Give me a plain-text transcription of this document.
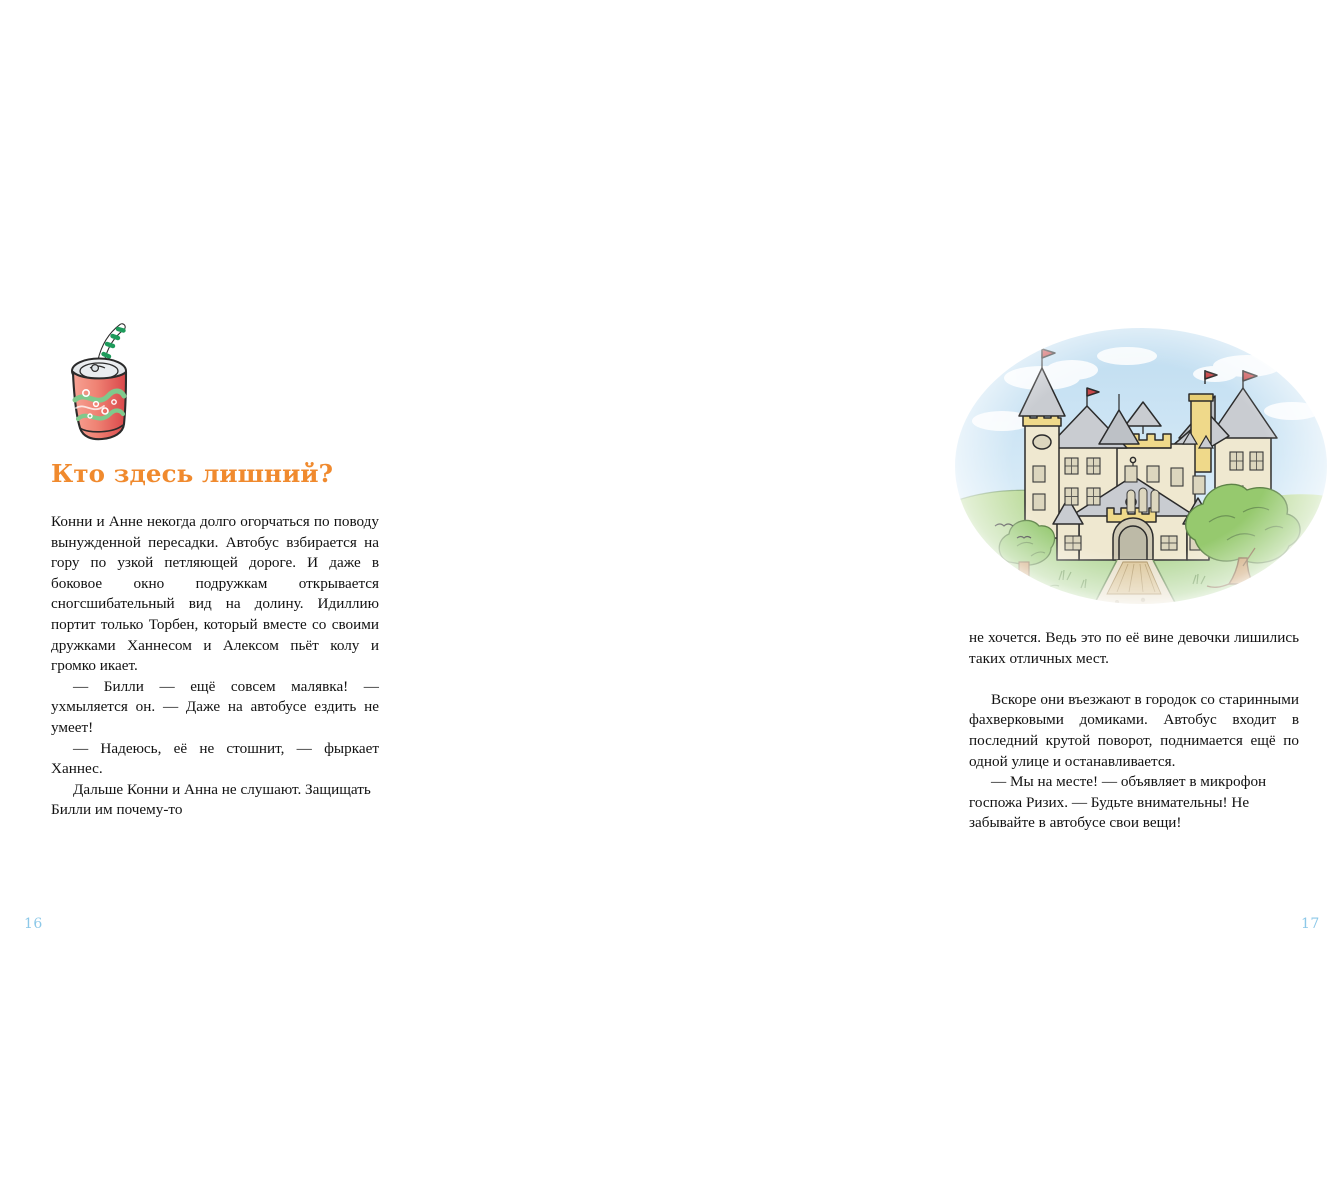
Кто здесь лишний?

Конни и Анне некогда долго огорчаться по поводу вынужденной пересадки. Автобус взбирается на гору по узкой петляющей дороге. И даже в боковое окно подружкам открывается сногсшибательный вид на долину. Идиллию портит только Торбен, который вместе со своими дружками Ханнесом и Алексом пьёт колу и громко икает.

— Билли — ещё совсем малявка! — ухмыляется он. — Даже на автобусе ездить не умеет!

— Надеюсь, её не стошнит, — фыркает Ханнес.

Дальше Конни и Анна не слушают. Защищать Билли им почему-то

16

не хочется. Ведь это по её вине девочки лишились таких отличных мест.

Вскоре они въезжают в городок со старинными фахверковыми домиками. Автобус входит в последний крутой поворот, поднимается ещё по одной улице и останавливается.

— Мы на месте! — объявляет в микрофон госпожа Ризих. — Будьте внимательны! Не забывайте в автобусе свои вещи!

17
